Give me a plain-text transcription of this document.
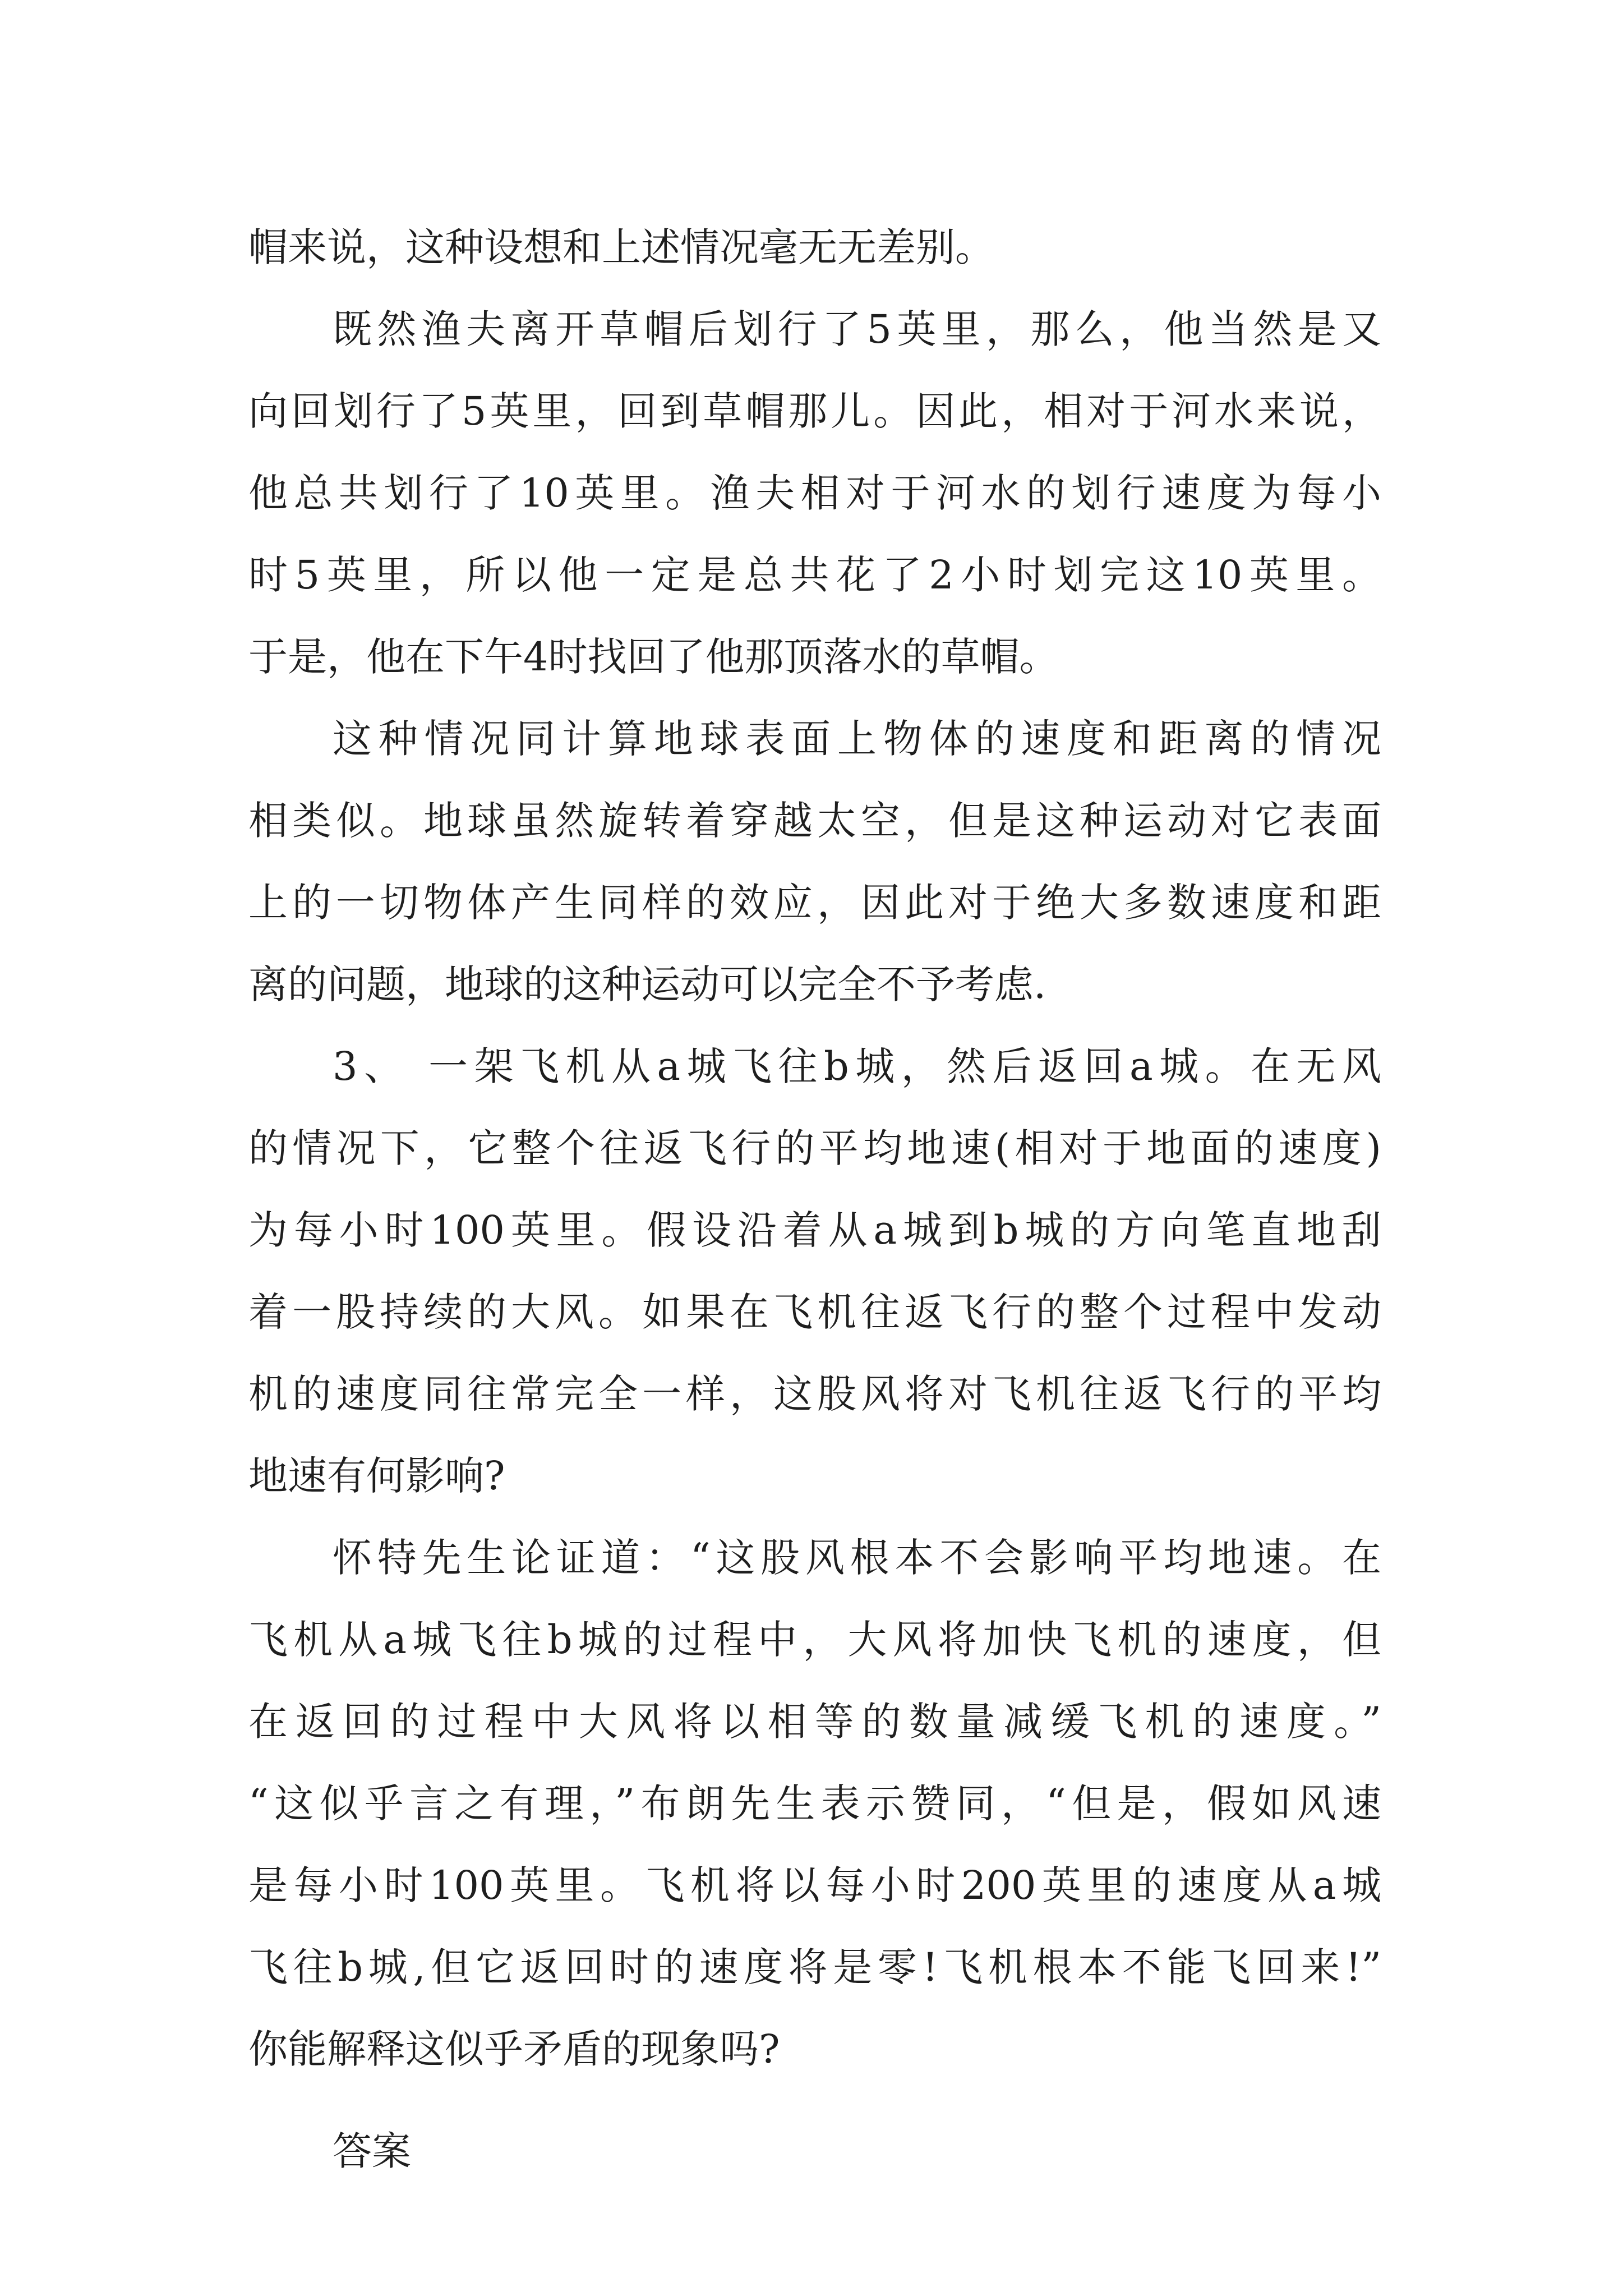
帽来说，这种设想和上述情况毫无无差别。
既然渔夫离开草帽后划行了5英里，那么，他当然是又
向回划行了5英里，回到草帽那儿。因此，相对于河水来说，
他总共划行了10英里。渔夫相对于河水的划行速度为每小
时5英里，所以他一定是总共花了2小时划完这10英里。
于是，他在下午4时找回了他那顶落水的草帽。
这种情况同计算地球表面上物体的速度和距离的情况
相类似。地球虽然旋转着穿越太空，但是这种运动对它表面
上的一切物体产生同样的效应，因此对于绝大多数速度和距
离的问题，地球的这种运动可以完全不予考虑.
3、 一架飞机从a城飞往b城，然后返回a城。在无风
的情况下，它整个往返飞行的平均地速(相对于地面的速度)
为每小时100英里。假设沿着从a城到b城的方向笔直地刮
着一股持续的大风。如果在飞机往返飞行的整个过程中发动
机的速度同往常完全一样，这股风将对飞机往返飞行的平均
地速有何影响?
怀特先生论证道：“这股风根本不会影响平均地速。在
飞机从a城飞往b城的过程中，大风将加快飞机的速度，但
在返回的过程中大风将以相等的数量减缓飞机的速度。”
“这似乎言之有理，”布朗先生表示赞同，“但是，假如风速
是每小时100英里。飞机将以每小时200英里的速度从a城
飞往b城,但它返回时的速度将是零!飞机根本不能飞回来!”
你能解释这似乎矛盾的现象吗?
答案
